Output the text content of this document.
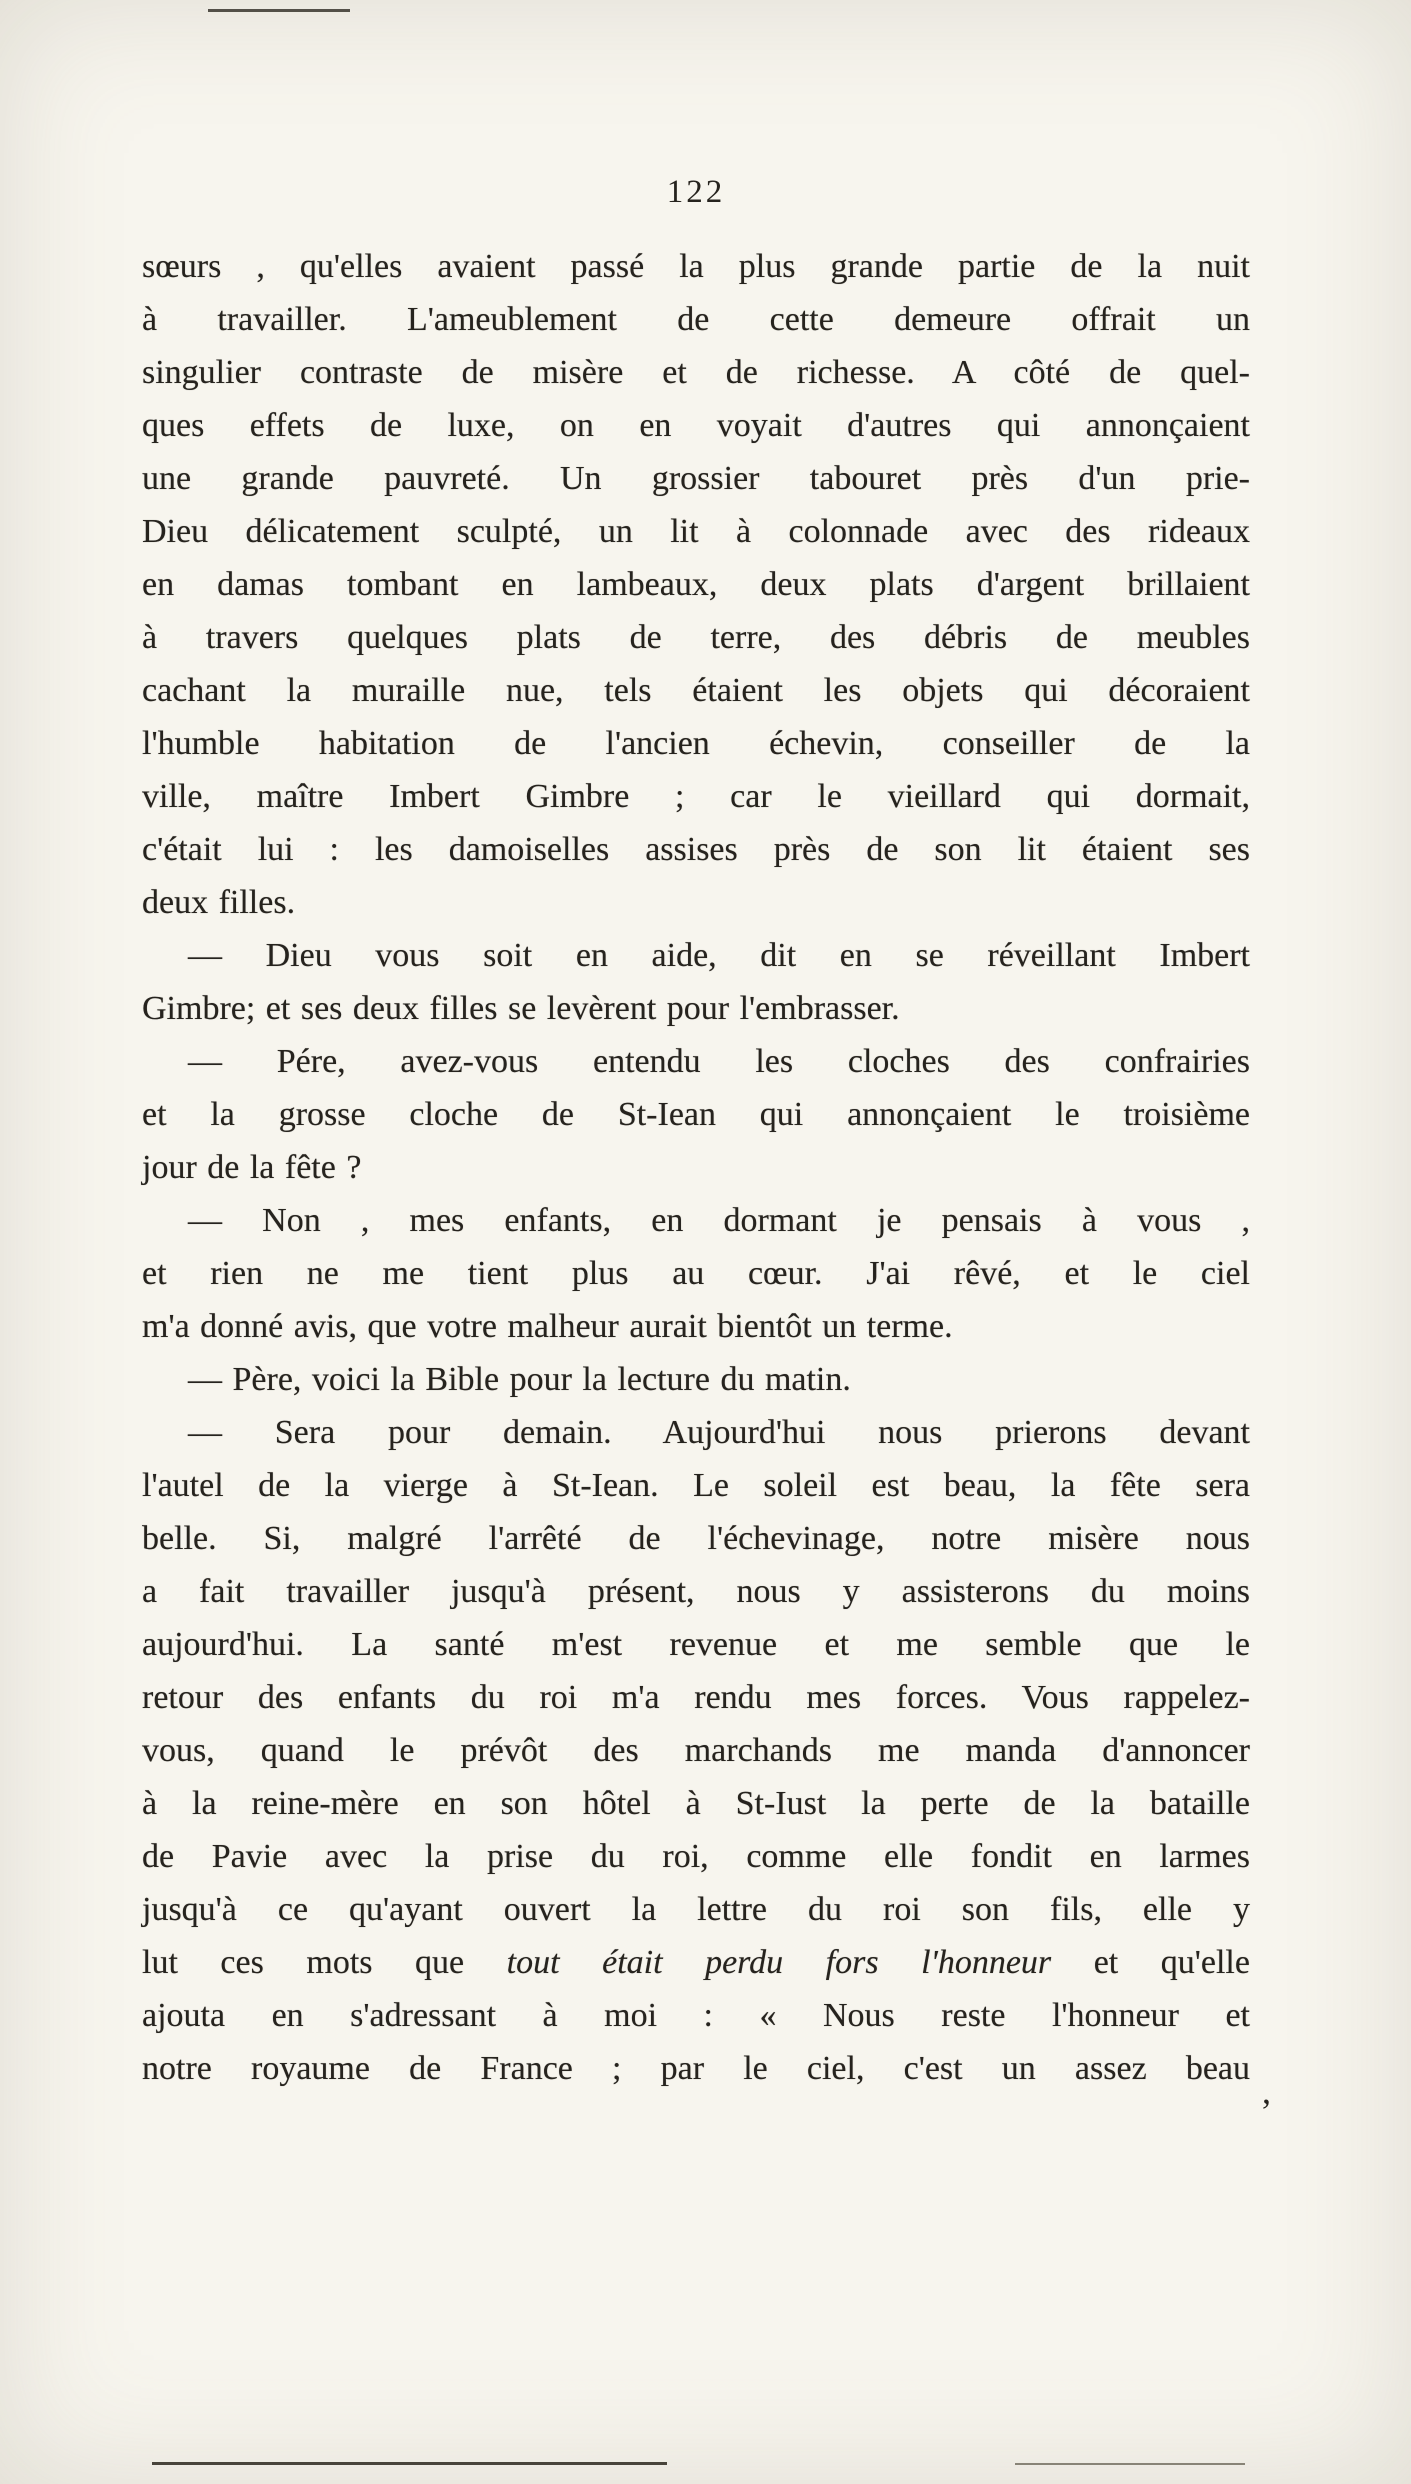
122
sœurs , qu'elles avaient passé la plus grande partie de la nuit
à travailler. L'ameublement de cette demeure offrait un
singulier contraste de misère et de richesse. A côté de quel-
ques effets de luxe, on en voyait d'autres qui annonçaient
une grande pauvreté. Un grossier tabouret près d'un prie-
Dieu délicatement sculpté, un lit à colonnade avec des rideaux
en damas tombant en lambeaux, deux plats d'argent brillaient
à travers quelques plats de terre, des débris de meubles
cachant la muraille nue, tels étaient les objets qui décoraient
l'humble habitation de l'ancien échevin, conseiller de la
ville, maître Imbert Gimbre ; car le vieillard qui dormait,
c'était lui : les damoiselles assises près de son lit étaient ses
deux filles.
— Dieu vous soit en aide, dit en se réveillant Imbert
Gimbre; et ses deux filles se levèrent pour l'embrasser.
— Pére, avez-vous entendu les cloches des confrairies
et la grosse cloche de St-Iean qui annonçaient le troisième
jour de la fête ?
— Non , mes enfants, en dormant je pensais à vous ,
et rien ne me tient plus au cœur. J'ai rêvé, et le ciel
m'a donné avis, que votre malheur aurait bientôt un terme.
— Père, voici la Bible pour la lecture du matin.
— Sera pour demain. Aujourd'hui nous prierons devant
l'autel de la vierge à St-Iean. Le soleil est beau, la fête sera
belle. Si, malgré l'arrêté de l'échevinage, notre misère nous
a fait travailler jusqu'à présent, nous y assisterons du moins
aujourd'hui. La santé m'est revenue et me semble que le
retour des enfants du roi m'a rendu mes forces. Vous rappelez-
vous, quand le prévôt des marchands me manda d'annoncer
à la reine-mère en son hôtel à St-Iust la perte de la bataille
de Pavie avec la prise du roi, comme elle fondit en larmes
jusqu'à ce qu'ayant ouvert la lettre du roi son fils, elle y
lut ces mots que tout était perdu fors l'honneur et qu'elle
ajouta en s'adressant à moi : « Nous reste l'honneur et
notre royaume de France ; par le ciel, c'est un assez beau
,
